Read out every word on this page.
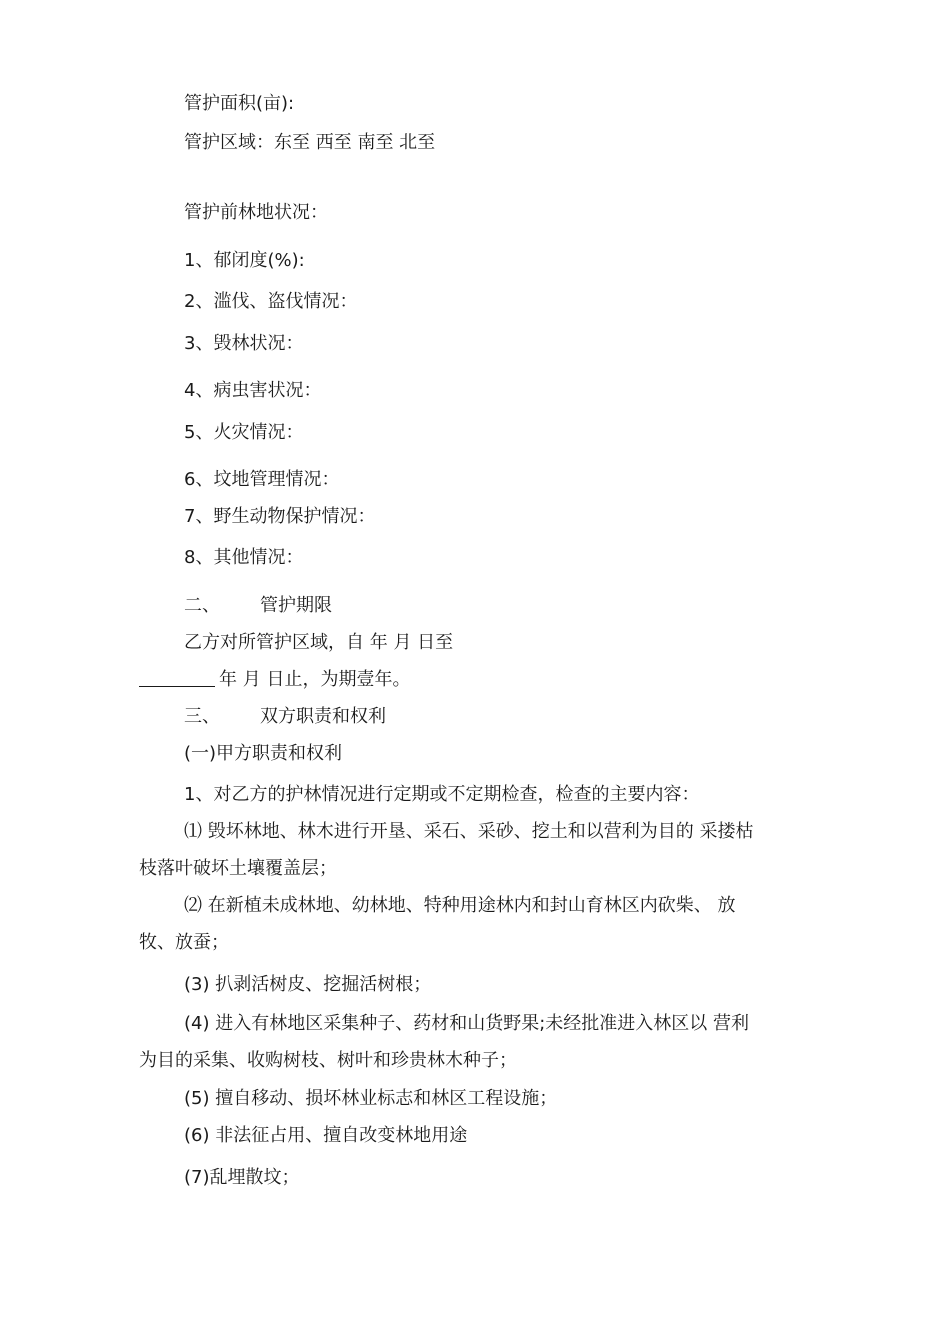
管护面积(亩):
管护区域：东至 西至 南至 北至
管护前林地状况：
1、郁闭度(%):
2、滥伐、盗伐情况：
3、毁林状况：
4、病虫害状况：
5、火灾情况：
6、坟地管理情况：
7、野生动物保护情况：
8、其他情况：
二、 管护期限
乙方对所管护区域，自 年 月 日至
年 月 日止，为期壹年。
三、 双方职责和权利
(一)甲方职责和权利
1、对乙方的护林情况进行定期或不定期检查，检查的主要内容：
⑴ 毁坏林地、林木进行开垦、采石、采砂、挖土和以营利为目的 采搂枯
枝落叶破坏土壤覆盖层；
⑵ 在新植未成林地、幼林地、特种用途林内和封山育林区内砍柴、 放
牧、放蚕；
(3) 扒剥活树皮、挖掘活树根；
(4) 进入有林地区采集种子、药材和山货野果;未经批准进入林区以 营利
为目的采集、收购树枝、树叶和珍贵林木种子；
(5) 擅自移动、损坏林业标志和林区工程设施；
(6) 非法征占用、擅自改变林地用途
(7)乱埋散坟；
